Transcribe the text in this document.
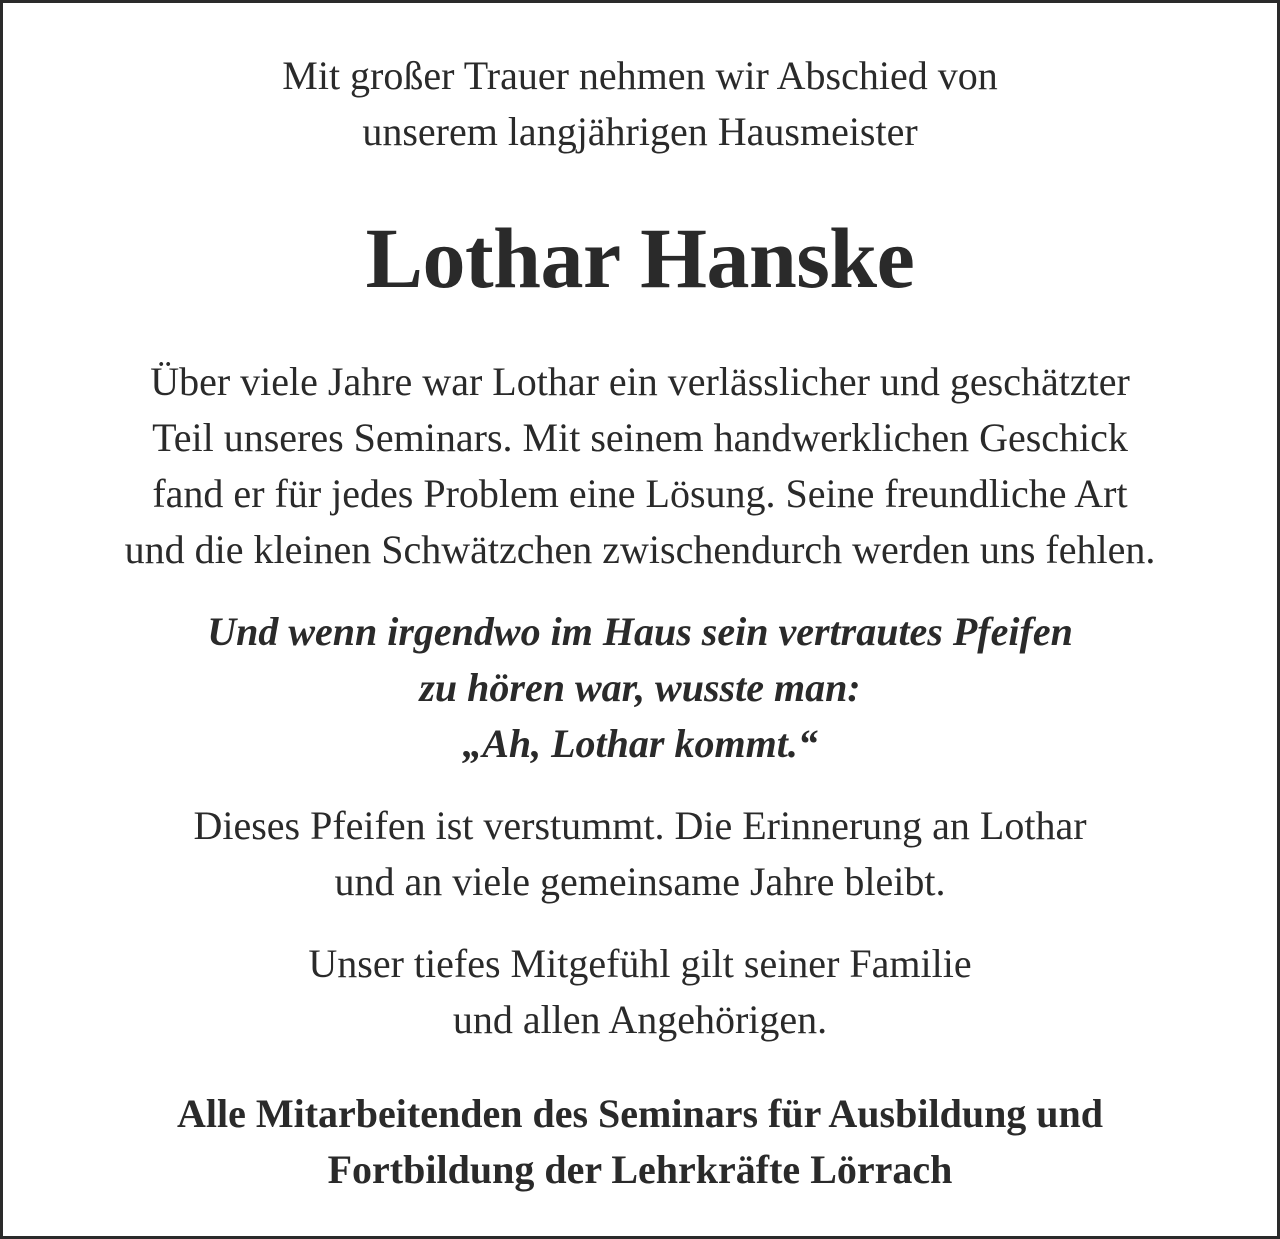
Mit großer Trauer nehmen wir Abschied von

unserem langjährigen Hausmeister

Lothar Hanske

Über viele Jahre war Lothar ein verlässlicher und geschätzter

Teil unseres Seminars. Mit seinem handwerklichen Geschick

fand er für jedes Problem eine Lösung. Seine freundliche Art

und die kleinen Schwätzchen zwischendurch werden uns fehlen.

Und wenn irgendwo im Haus sein vertrautes Pfeifen

zu hören war, wusste man:

„Ah, Lothar kommt.“

Dieses Pfeifen ist verstummt. Die Erinnerung an Lothar

und an viele gemeinsame Jahre bleibt.

Unser tiefes Mitgefühl gilt seiner Familie

und allen Angehörigen.

Alle Mitarbeitenden des Seminars für Ausbildung und

Fortbildung der Lehrkräfte Lörrach
